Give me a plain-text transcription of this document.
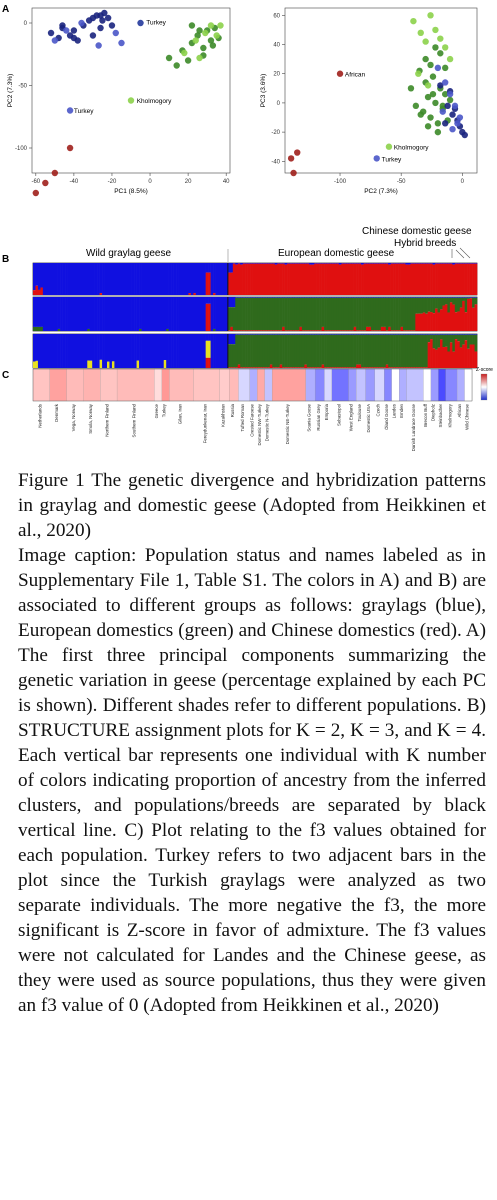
A
-60	-40	-20	0	20	40
0
-50
-100
PC1 (8.5%)
PC2 (7.3%)
Turkey
Turkey
Kholmogory
-100	-50	0
60
40
20
0
-20
-40
PC2 (7.3%)
PC3 (3.6%)	African
Kholmogory
Turkey
B
Chinese domestic geese
Hybrid breeds
Wild graylag geese	European domestic geese
C	Z-score
Netherlands	Denmark	Vega, Norway	Smola, Norway	Northern Finland	Southern Finland	Greece Turkey Gilan, Iran	Fereydunkenar, Iran	Kazakhstan Russia Tufted Roman Crested Faroese Domestic NW-Turkey Domestic N-Turkey	Domestic NE-Turkey	Scania Goose Russian Grey Emporia Sebastopol West England Toulouse Domestic USA Czech Öland Goose Landes Emden Danish Landrace Goose Brecon Buff Diepholz Steinbacher Kholmogory African Wild Chinese

Figure 1 The genetic divergence and hybridization patterns in graylag and domestic geese (Adopted from Heikkinen et al., 2020)

Image caption: Population status and names labeled as in Supplementary File 1, Table S1. The colors in A) and B) are associated to different groups as follows: graylags (blue), European domestics (green) and Chinese domestics (red). A) The first three principal components summarizing the genetic variation in geese (percentage explained by each PC is shown). Different shades refer to different populations. B) STRUCTURE assignment plots for K = 2, K = 3, and K = 4. Each vertical bar represents one individual with K number of colors indicating proportion of ancestry from the inferred clusters, and populations/breeds are separated by black vertical line. C) Plot relating to the f3 values obtained for each population. Turkey refers to two adjacent bars in the plot since the Turkish graylags were analyzed as two separate individuals. The more negative the f3, the more significant is Z-score in favor of admixture. The f3 values were not calculated for Landes and the Chinese geese, as they were used as source populations, thus they were given an f3 value of 0 (Adopted from Heikkinen et al., 2020)
